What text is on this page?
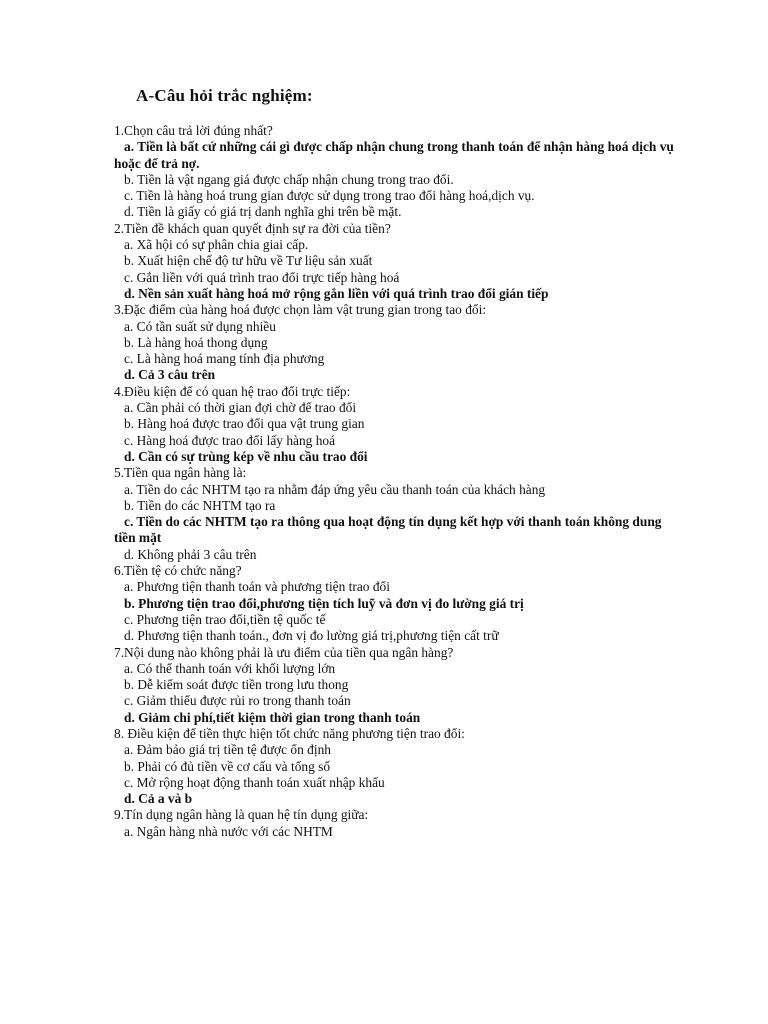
A-Câu hỏi trắc nghiệm:
1.Chọn câu trả lời đúng nhất?
a. Tiền là bất cứ những cái gì được chấp nhận chung trong thanh toán để nhận hàng hoá dịch vụ hoặc để trả nợ.
b. Tiền là vật ngang giá được chấp nhận chung trong trao đổi.
c. Tiền là hàng hoá trung gian được sử dụng trong trao đổi hàng hoá,dịch vụ.
d. Tiền là giấy có giá trị danh nghĩa ghi trên bề mặt.
2.Tiền đề khách quan quyết định sự ra đời của tiền?
a. Xã hội có sự phân chia giai cấp.
b. Xuất hiện chế độ tư hữu về Tư liệu sản xuất
c. Gắn liền với quá trình trao đổi trực tiếp hàng hoá
d. Nền sản xuất hàng hoá mở rộng gắn liền với quá trình trao đổi gián tiếp
3.Đặc điểm của hàng hoá được chọn làm vật trung gian trong tao đổi:
a. Có tần suất sử dụng nhiều
b. Là hàng hoá thong dụng
c. Là hàng hoá mang tính địa phương
d. Cả 3 câu trên
4.Điều kiện để có quan hệ trao đổi trực tiếp:
a. Cần phải có thời gian đợi chờ để trao đổi
b. Hàng hoá được trao đổi qua vật trung gian
c. Hàng hoá được trao đổi lấy hàng hoá
d. Cần có sự trùng kép về nhu cầu trao đổi
5.Tiền qua ngân hàng là:
a. Tiền do các NHTM tạo ra nhằm đáp ứng yêu cầu thanh toán của khách hàng
b. Tiền do các NHTM tạo ra
c. Tiền do các NHTM tạo ra thông qua hoạt động tín dụng kết hợp với thanh toán không dung tiền mặt
d. Không phải 3 câu trên
6.Tiền tệ có chức năng?
a. Phương tiện thanh toán và phương tiện trao đổi
b. Phương tiện trao đổi,phương tiện tích luỹ và đơn vị đo lường giá trị
c. Phương tiện trao đổi,tiền tệ quốc tế
d. Phương tiện thanh toán., đơn vị đo lường giá trị,phương tiện cất trữ
7.Nội dung nào không phải là ưu điểm của tiền qua ngân hàng?
a. Có thể thanh toán với khối lượng lớn
b. Dễ kiểm soát được tiền trong lưu thong
c. Giảm thiểu được rủi ro trong thanh toán
d. Giảm chi phí,tiết kiệm thời gian trong thanh toán
8. Điều kiện để tiền thực hiện tốt chức năng phương tiện trao đổi:
a. Đảm bảo giá trị tiền tệ được ổn định
b. Phải có đủ tiền về cơ cấu và tổng số
c. Mở rộng hoạt động thanh toán xuất nhập khẩu
d. Cả a và b
9.Tín dụng ngân hàng là quan hệ tín dụng giữa:
a. Ngân hàng nhà nước với các NHTM
